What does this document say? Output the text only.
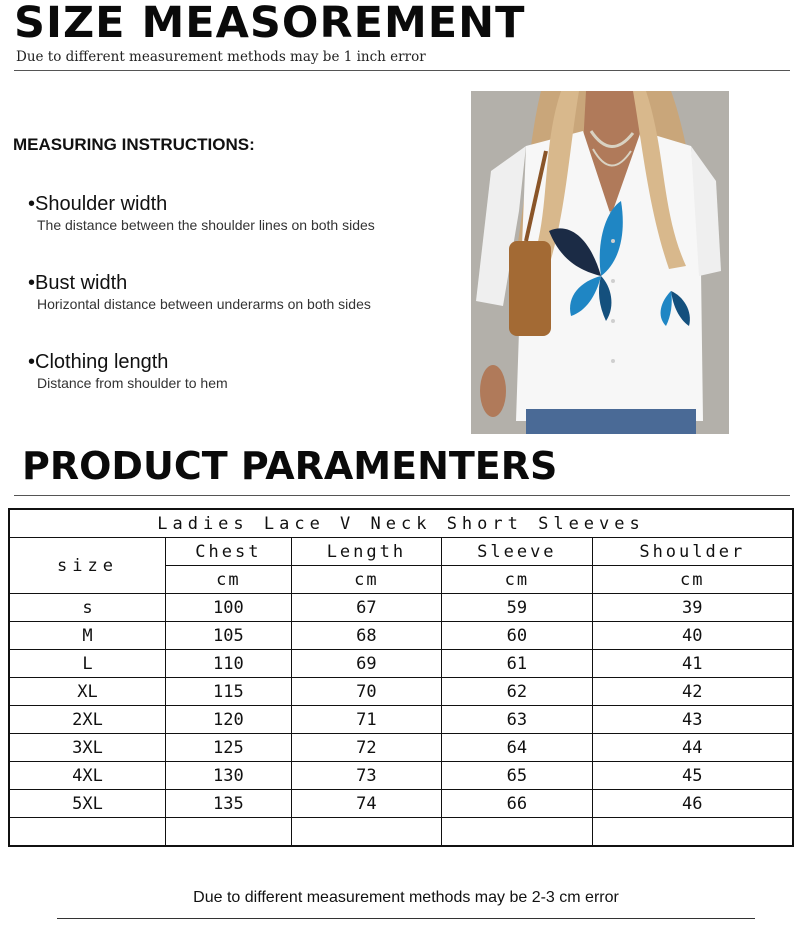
SIZE MEASOREMENT
Due to different measurement methods may be 1 inch error
MEASURING INSTRUCTIONS:
•Shoulder width
The distance between the shoulder lines on both sides
•Bust width
Horizontal distance between underarms on both sides
•Clothing length
Distance from shoulder to hem
PRODUCT PARAMENTERS
Ladies Lace V Neck Short Sleeves				
size	Chest	Length	Sleeve	Shoulder
	cm	cm	cm	cm
s	100	67	59	39
M	105	68	60	40
L	110	69	61	41
XL	115	70	62	42
2XL	120	71	63	43
3XL	125	72	64	44
4XL	130	73	65	45
5XL	135	74	66	46

Due to different measurement methods may be 2-3 cm error
